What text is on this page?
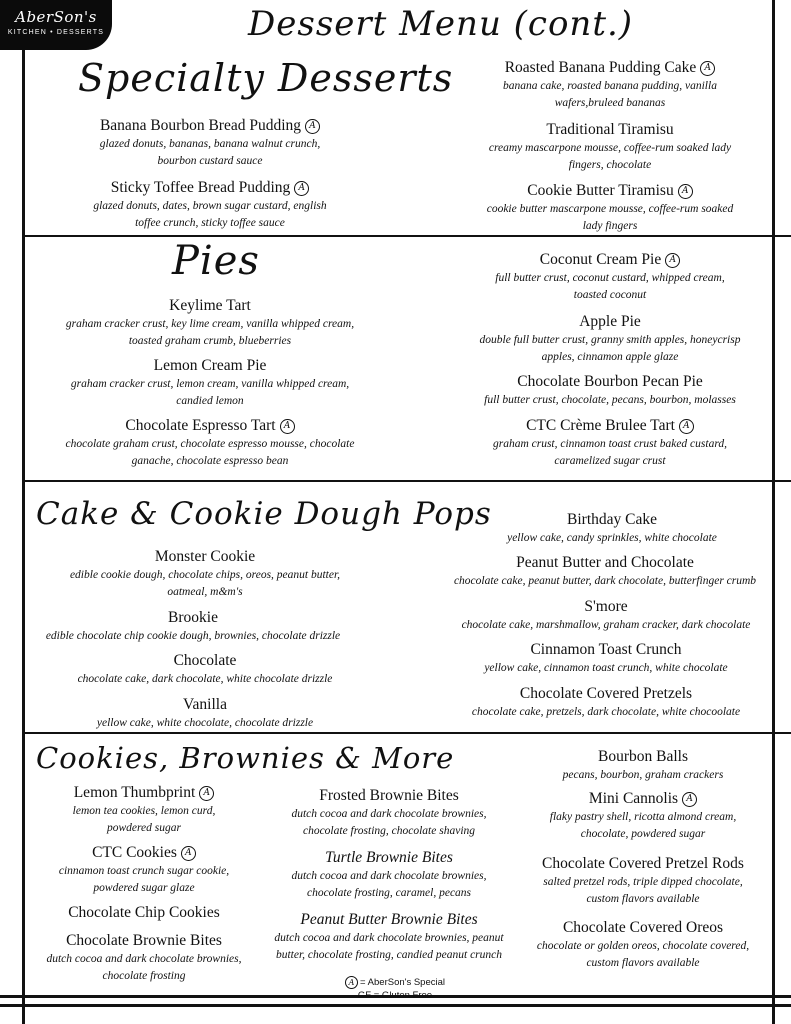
AberSon's
KITCHEN • DESSERTS	Dessert Menu (cont.)
Specialty Desserts
Banana Bourbon Bread Pudding A
glazed donuts, bananas, banana walnut crunch, bourbon custard sauce
Sticky Toffee Bread Pudding A
glazed donuts, dates, brown sugar custard, english toffee crunch, sticky toffee sauce
Roasted Banana Pudding Cake A
banana cake, roasted banana pudding, vanilla wafers,bruleed bananas
Traditional Tiramisu
creamy mascarpone mousse, coffee-rum soaked lady fingers, chocolate
Cookie Butter Tiramisu A
cookie butter mascarpone mousse, coffee-rum soaked lady fingers
Pies
Keylime Tart
graham cracker crust, key lime cream, vanilla whipped cream, toasted graham crumb, blueberries
Lemon Cream Pie
graham cracker crust, lemon cream, vanilla whipped cream, candied lemon
Chocolate Espresso Tart A
chocolate graham crust, chocolate espresso mousse, chocolate ganache, chocolate espresso bean
Coconut Cream Pie A
full butter crust, coconut custard, whipped cream, toasted coconut
Apple Pie
double full butter crust, granny smith apples, honeycrisp apples, cinnamon apple glaze
Chocolate Bourbon Pecan Pie
full butter crust, chocolate, pecans, bourbon, molasses
CTC Crème Brulee Tart A
graham crust, cinnamon toast crust baked custard, caramelized sugar crust
Cake & Cookie Dough Pops
Monster Cookie
edible cookie dough, chocolate chips, oreos, peanut butter, oatmeal, m&m's
Brookie
edible chocolate chip cookie dough, brownies, chocolate drizzle
Chocolate
chocolate cake, dark chocolate, white chocolate drizzle
Vanilla
yellow cake, white chocolate, chocolate drizzle
Birthday Cake
yellow cake, candy sprinkles, white chocolate
Peanut Butter and Chocolate
chocolate cake, peanut butter, dark chocolate, butterfinger crumb
S'more
chocolate cake, marshmallow, graham cracker, dark chocolate
Cinnamon Toast Crunch
yellow cake, cinnamon toast crunch, white chocolate
Chocolate Covered Pretzels
chocolate cake, pretzels, dark chocolate, white chocoolate
Cookies, Brownies & More
Lemon Thumbprint A
lemon tea cookies, lemon curd, powdered sugar
CTC Cookies A
cinnamon toast crunch sugar cookie, powdered sugar glaze
Chocolate Chip Cookies
Chocolate Brownie Bites
dutch cocoa and dark chocolate brownies, chocolate frosting
Frosted Brownie Bites
dutch cocoa and dark chocolate brownies, chocolate frosting, chocolate shaving
Turtle Brownie Bites
dutch cocoa and dark chocolate brownies, chocolate frosting, caramel, pecans
Peanut Butter Brownie Bites
dutch cocoa and dark chocolate brownies, peanut butter, chocolate frosting, candied peanut crunch
Bourbon Balls
pecans, bourbon, graham crackers
Mini Cannolis A
flaky pastry shell, ricotta almond cream, chocolate, powdered sugar
Chocolate Covered Pretzel Rods
salted pretzel rods, triple dipped chocolate, custom flavors available
Chocolate Covered Oreos
chocolate or golden oreos, chocolate covered, custom flavors available
A = AberSon's Special
GF = Gluten Free
